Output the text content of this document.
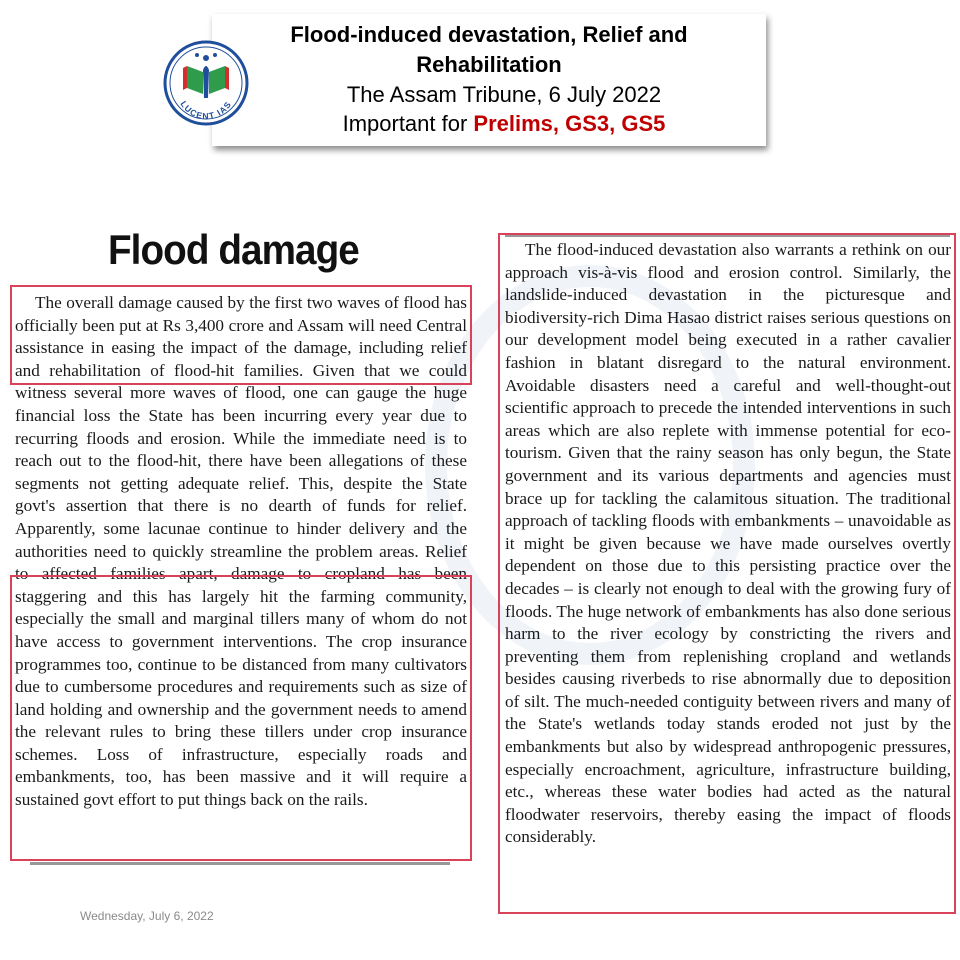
Flood-induced devastation, Relief and Rehabilitation
The Assam Tribune, 6 July 2022
Important for Prelims, GS3, GS5
LUCENT IAS
Flood damage
The overall damage caused by the first two waves of flood has officially been put at Rs 3,400 crore and Assam will need Central assistance in easing the impact of the damage, including relief and rehabilitation of flood-hit families. Given that we could witness several more waves of flood, one can gauge the huge financial loss the State has been incurring every year due to recurring floods and erosion. While the immediate need is to reach out to the flood-hit, there have been allegations of these segments not getting adequate relief. This, despite the State govt's assertion that there is no dearth of funds for relief. Apparently, some lacunae continue to hinder delivery and the authorities need to quickly streamline the problem areas. Relief to affected families apart, damage to cropland has been staggering and this has largely hit the farming community, especially the small and marginal tillers many of whom do not have access to government interventions. The crop insurance programmes too, continue to be distanced from many cultivators due to cumbersome procedures and requirements such as size of land holding and ownership and the government needs to amend the relevant rules to bring these tillers under crop insurance schemes. Loss of infrastructure, especially roads and embankments, too, has been massive and it will require a sustained govt effort to put things back on the rails.
The flood-induced devastation also warrants a rethink on our approach vis-à-vis flood and erosion control. Similarly, the landslide-induced devastation in the picturesque and biodiversity-rich Dima Hasao district raises serious questions on our development model being executed in a rather cavalier fashion in blatant disregard to the natural environment. Avoidable disasters need a careful and well-thought-out scientific approach to precede the intended interventions in such areas which are also replete with immense potential for eco-tourism. Given that the rainy season has only begun, the State government and its various departments and agencies must brace up for tackling the calamitous situation. The traditional approach of tackling floods with embankments – unavoidable as it might be given because we have made ourselves overtly dependent on those due to this persisting practice over the decades – is clearly not enough to deal with the growing fury of floods. The huge network of embankments has also done serious harm to the river ecology by constricting the rivers and preventing them from replenishing cropland and wetlands besides causing riverbeds to rise abnormally due to deposition of silt. The much-needed contiguity between rivers and many of the State's wetlands today stands eroded not just by the embankments but also by widespread anthropogenic pressures, especially encroachment, agriculture, infrastructure building, etc., whereas these water bodies had acted as the natural floodwater reservoirs, thereby easing the impact of floods considerably.
Wednesday, July 6, 2022
